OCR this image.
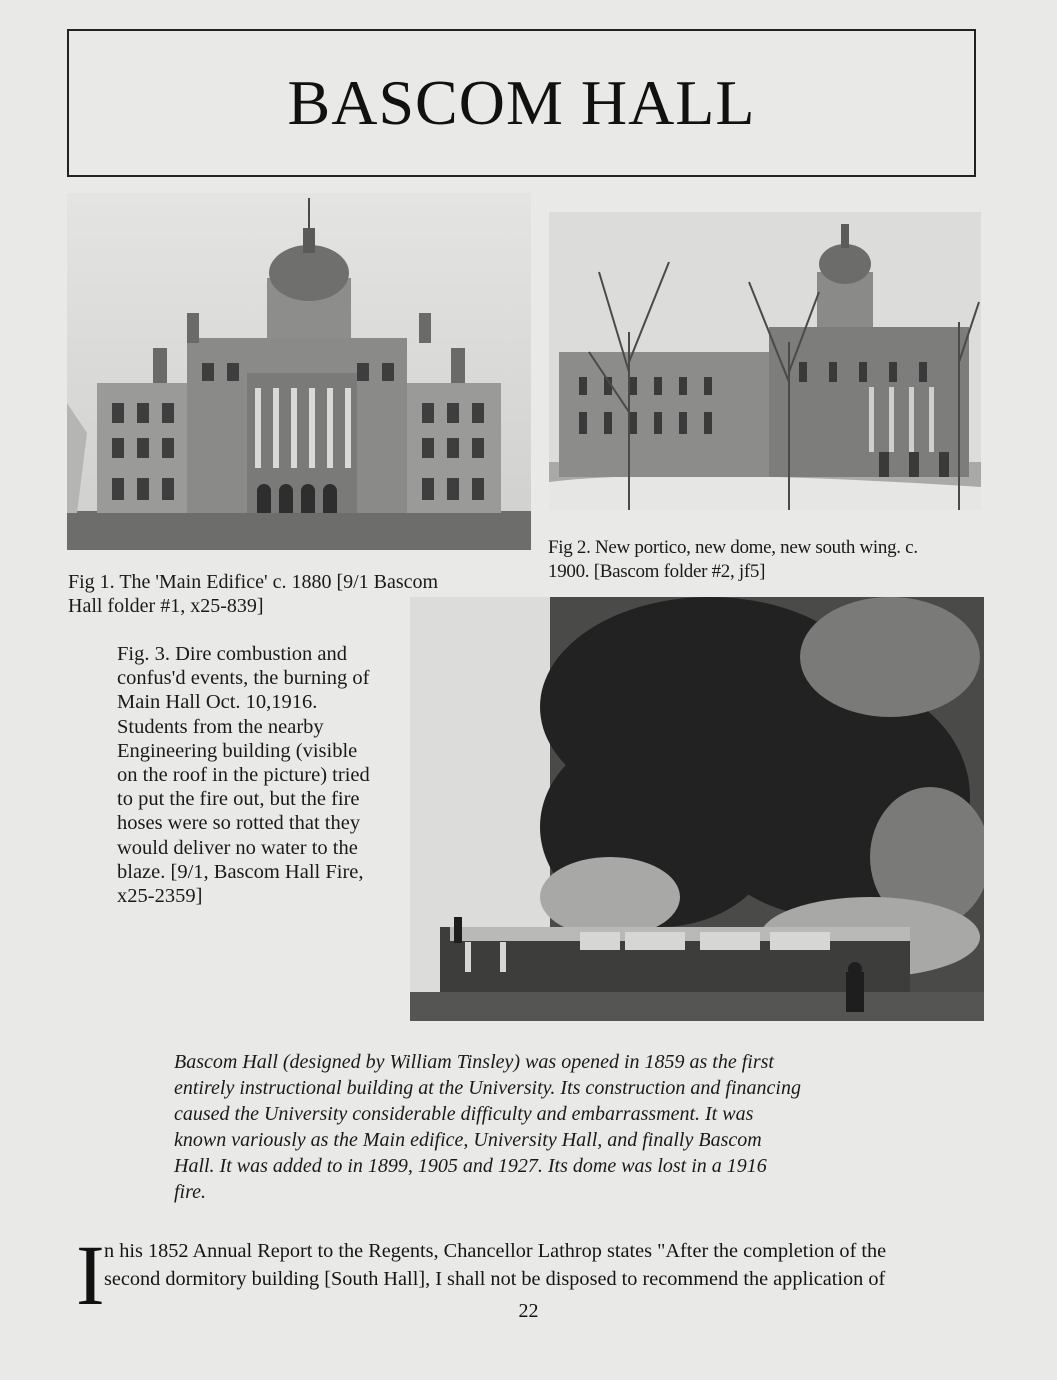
BASCOM HALL
Fig 1. The 'Main Edifice' c. 1880 [9/1 Bascom
Hall folder #1, x25-839]
Fig 2. New portico, new dome, new south wing. c.
1900. [Bascom folder #2, jf5]
Fig. 3. Dire combustion and
confus'd events, the burning of
Main Hall Oct. 10,1916.
Students from the nearby
Engineering building (visible
on the roof in the picture) tried
to put the fire out, but the fire
hoses were so rotted that they
would deliver no water to the
blaze. [9/1, Bascom Hall Fire,
x25-2359]
Bascom Hall (designed by William Tinsley) was opened in 1859 as the first
entirely instructional building at the University. Its construction and financing
caused the University considerable difficulty and embarrassment. It was
known variously as the Main edifice, University Hall, and finally Bascom
Hall. It was added to in 1899, 1905 and 1927. Its dome was lost in a 1916
fire.
I n his 1852 Annual Report to the Regents, Chancellor Lathrop states "After the completion of the
second dormitory building [South Hall], I shall not be disposed to recommend the application of
22
